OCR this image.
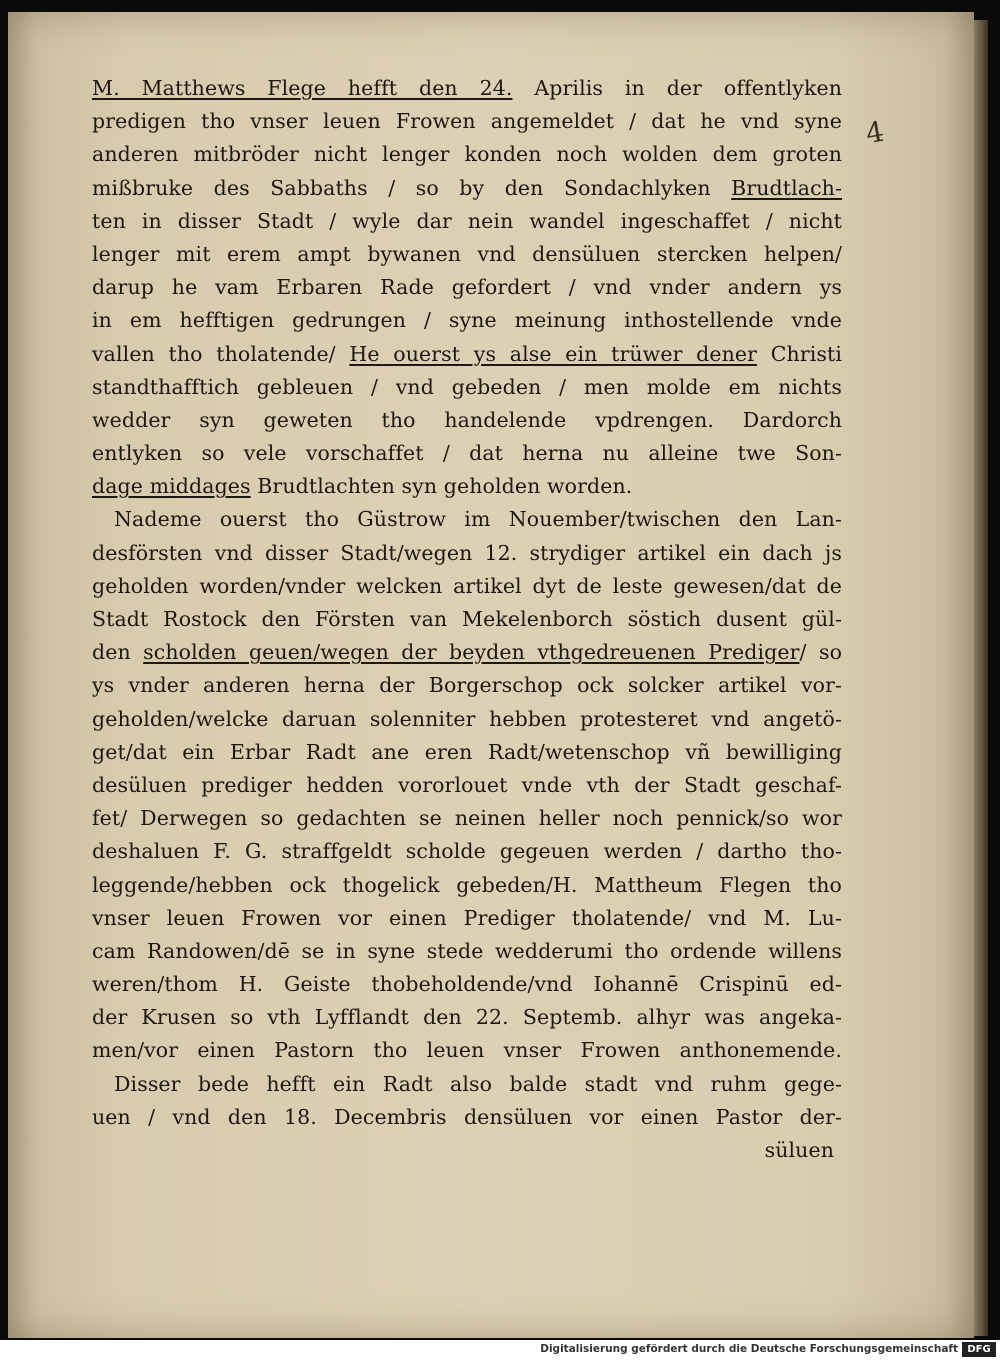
4
M. Matthews Flege hefft den 24. Aprilis in der offentlyken
predigen tho vnser leuen Frowen angemeldet / dat he vnd syne
anderen mitbröder nicht lenger konden noch wolden dem groten
mißbruke des Sabbaths / so by den Sondachlyken Brudtlach-
ten in disser Stadt / wyle dar nein wandel ingeschaffet / nicht
lenger mit erem ampt bywanen vnd densüluen stercken helpen/
darup he vam Erbaren Rade gefordert / vnd vnder andern ys
in em hefftigen gedrungen / syne meinung inthostellende vnde
vallen tho tholatende/ He ouerst ys alse ein trüwer dener Christi
standthafftich gebleuen / vnd gebeden / men molde em nichts
wedder syn geweten tho handelende vpdrengen. Dardorch
entlyken so vele vorschaffet / dat herna nu alleine twe Son-
dage middages Brudtlachten syn geholden worden.
Nademe ouerst tho Güstrow im Nouember/twischen den Lan-
desförsten vnd disser Stadt/wegen 12. strydiger artikel ein dach js
geholden worden/vnder welcken artikel dyt de leste gewesen/dat de
Stadt Rostock den Försten van Mekelenborch söstich dusent gül-
den scholden geuen/wegen der beyden vthgedreuenen Prediger/ so
ys vnder anderen herna der Borgerschop ock solcker artikel vor-
geholden/welcke daruan solenniter hebben protesteret vnd angetö-
get/dat ein Erbar Radt ane eren Radt/wetenschop vñ bewilliging
desüluen prediger hedden vororlouet vnde vth der Stadt geschaf-
fet/ Derwegen so gedachten se neinen heller noch pennick/so wor
deshaluen F. G. straffgeldt scholde gegeuen werden / dartho tho-
leggende/hebben ock thogelick gebeden/H. Mattheum Flegen tho
vnser leuen Frowen vor einen Prediger tholatende/ vnd M. Lu-
cam Randowen/dē se in syne stede wedderumi tho ordende willens
weren/thom H. Geiste thobeholdende/vnd Iohannē Crispinū ed-
der Krusen so vth Lyfflandt den 22. Septemb. alhyr was angeka-
men/vor einen Pastorn tho leuen vnser Frowen anthonemende.
Disser bede hefft ein Radt also balde stadt vnd ruhm gege-
uen / vnd den 18. Decembris densüluen vor einen Pastor der-
süluen
Digitalisierung gefördert durch die Deutsche Forschungsgemeinschaft DFG
